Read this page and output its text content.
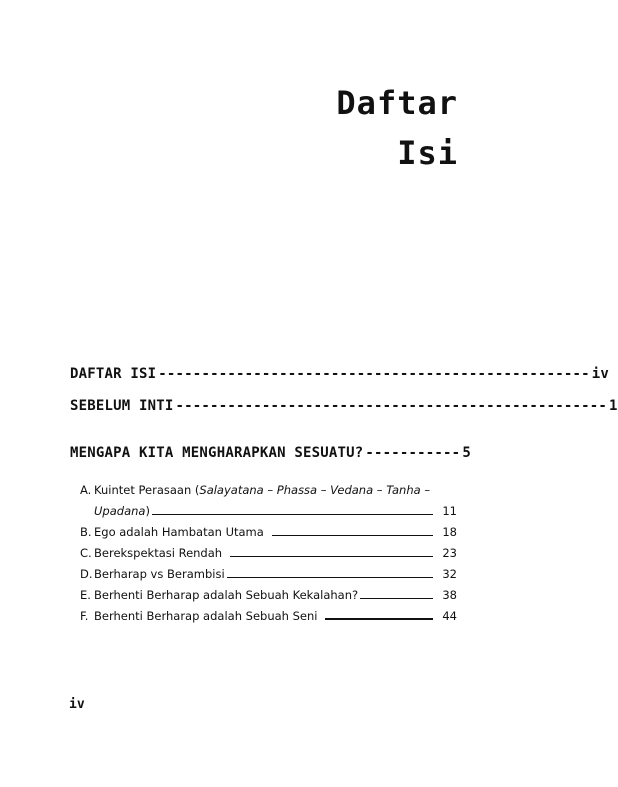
Daftar
Isi
DAFTAR ISI -------------------------------------------------- iv
SEBELUM INTI -------------------------------------------------- 1
MENGAPA KITA MENGHARAPKAN SESUATU? ----------- 5
A. Kuintet Perasaan (Salayatana – Phassa – Vedana – Tanha –
Upadana)	11
B. Ego adalah Hambatan Utama	18
C. Berekspektasi Rendah	23
D. Berharap vs Berambisi	32
E. Berhenti Berharap adalah Sebuah Kekalahan?	38
F. Berhenti Berharap adalah Sebuah Seni	44
iv
